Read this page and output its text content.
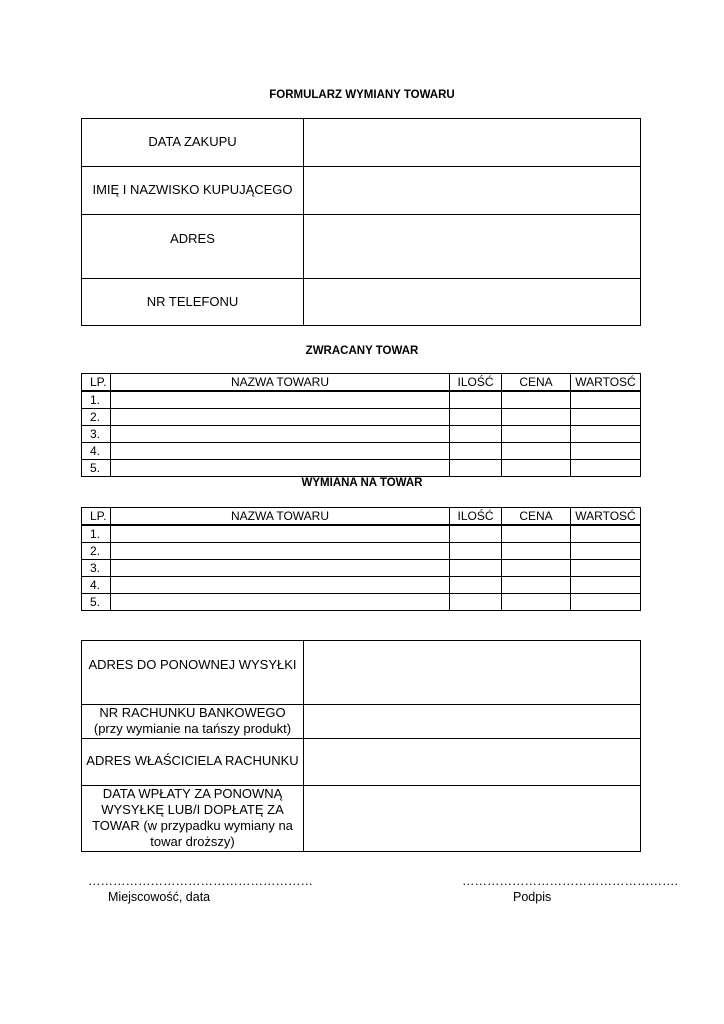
FORMULARZ WYMIANY TOWARU
DATA ZAKUPU	
IMIĘ I NAZWISKO KUPUJĄCEGO	
ADRES	
NR TELEFONU	
ZWRACANY TOWAR
LP.	NAZWA TOWARU	ILOŚĆ	CENA	WARTOSĆ
1.				
2.				
3.				
4.				
5.				
WYMIANA NA TOWAR
LP.	NAZWA TOWARU	ILOŚĆ	CENA	WARTOSĆ
1.				
2.				
3.				
4.				
5.				
ADRES DO PONOWNEJ WYSYŁKI	
NR RACHUNKU BANKOWEGO (przy wymianie na tańszy produkt)	
ADRES WŁAŚCICIELA RACHUNKU	
DATA WPŁATY ZA PONOWNĄ WYSYŁKĘ LUB/I DOPŁATĘ ZA TOWAR (w przypadku wymiany na towar droższy)	
………………………………………………
Miejscowość, data
…………………………………………….
Podpis
